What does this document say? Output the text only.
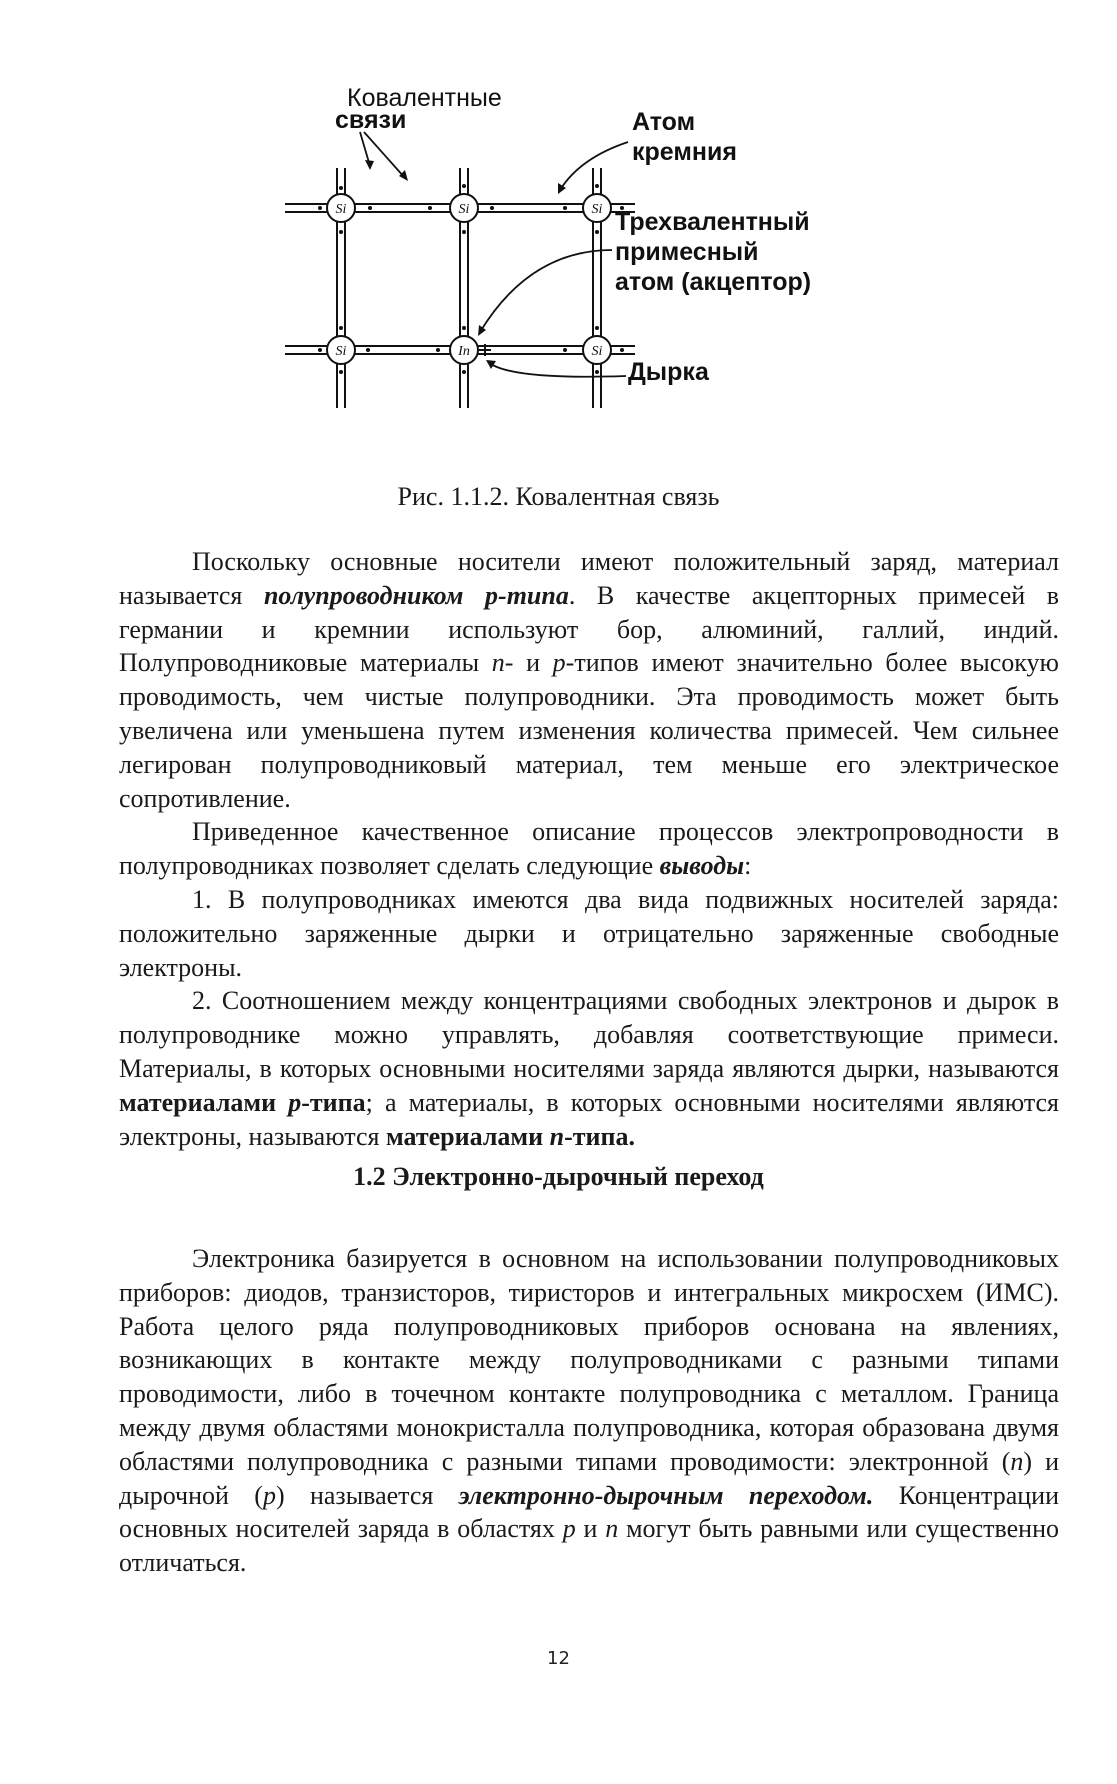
Si	Si	Si
Si	In	Si
Ковалентные
связи	Атом
кремния
Трехвалентный
примесный
атом (акцептор)
Дырка
Рис. 1.1.2. Ковалентная связь

Поскольку основные носители имеют положительный заряд, материал называется полупроводником p-типа. В качестве акцепторных примесей в германии и кремнии используют бор, алюминий, галлий, индий. Полупроводниковые материалы n- и p-типов имеют значительно более высокую проводимость, чем чистые полупроводники. Эта проводимость может быть увеличена или уменьшена путем изменения количества примесей. Чем сильнее легирован полупроводниковый материал, тем меньше его электрическое сопротивление.

Приведенное качественное описание процессов электропроводности в полупроводниках позволяет сделать следующие выводы:

1. В полупроводниках имеются два вида подвижных носителей заряда: положительно заряженные дырки и отрицательно заряженные свободные электроны.

2. Соотношением между концентрациями свободных электронов и дырок в полупроводнике можно управлять, добавляя соответствующие примеси. Материалы, в которых основными носителями заряда являются дырки, называются материалами p-типа; а материалы, в которых основными носителями являются электроны, называются материалами n-типа.

1.2 Электронно-дырочный переход

Электроника базируется в основном на использовании полупроводниковых приборов: диодов, транзисторов, тиристоров и интегральных микросхем (ИМС). Работа целого ряда полупроводниковых приборов основана на явлениях, возникающих в контакте между полупроводниками с разными типами проводимости, либо в точечном контакте полупроводника с металлом. Граница между двумя областями монокристалла полупроводника, которая образована двумя областями полупроводника с разными типами проводимости: электронной (n) и дырочной (p) называется электронно-дырочным переходом. Концентрации основных носителей заряда в областях p и n могут быть равными или существенно отличаться.

12
